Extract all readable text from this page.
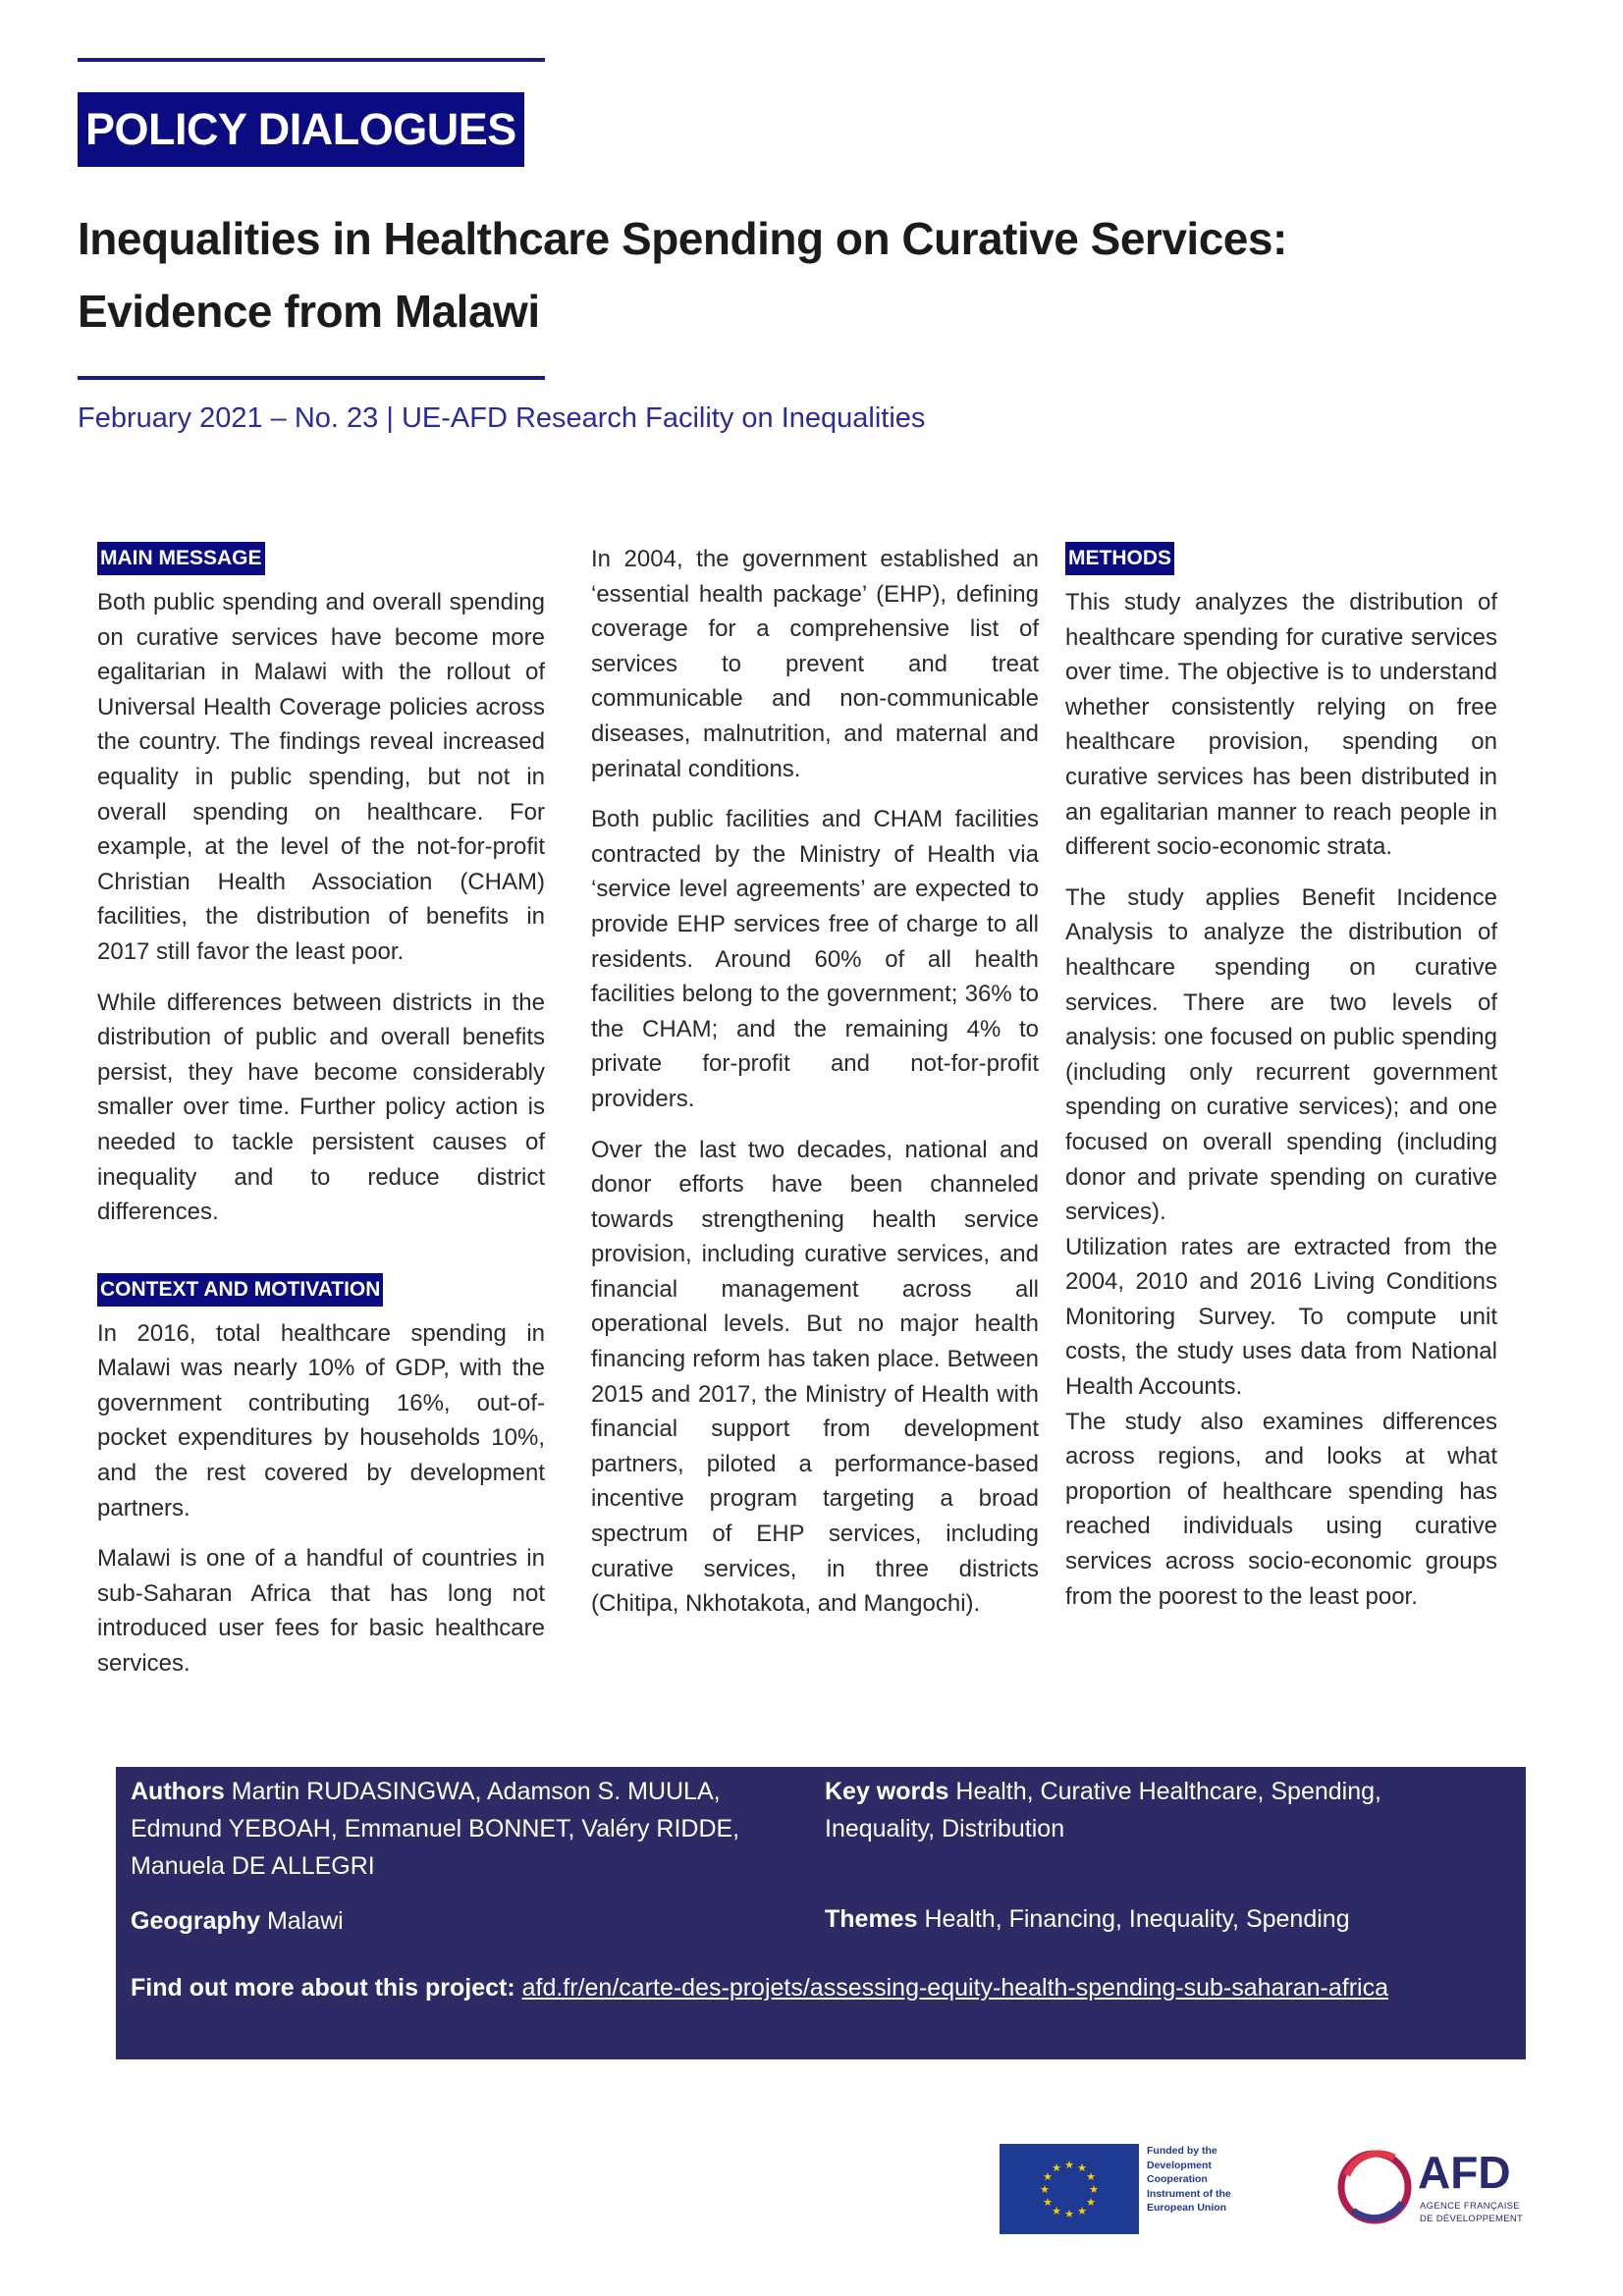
POLICY DIALOGUES
Inequalities in Healthcare Spending on Curative Services:
Evidence from Malawi
February 2021 – No. 23 | UE-AFD Research Facility on Inequalities
MAIN MESSAGE

Both public spending and overall spending on curative services have become more egalitarian in Malawi with the rollout of Universal Health Coverage policies across the country. The findings reveal increased equality in public spending, but not in overall spending on healthcare. For example, at the level of the not-for-profit Christian Health Association (CHAM) facilities, the distribution of benefits in 2017 still favor the least poor.

While differences between districts in the distribution of public and overall benefits persist, they have become considerably smaller over time. Further policy action is needed to tackle persistent causes of inequality and to reduce district differences.

CONTEXT AND MOTIVATION

In 2016, total healthcare spending in Malawi was nearly 10% of GDP, with the government contributing 16%, out-of-pocket expenditures by households 10%, and the rest covered by development partners.

Malawi is one of a handful of countries in sub-Saharan Africa that has long not introduced user fees for basic healthcare services.

In 2004, the government established an ‘essential health package’ (EHP), defining coverage for a comprehensive list of services to prevent and treat communicable and non-communicable diseases, malnutrition, and maternal and perinatal conditions.

Both public facilities and CHAM facilities contracted by the Ministry of Health via ‘service level agreements’ are expected to provide EHP services free of charge to all residents. Around 60% of all health facilities belong to the government; 36% to the CHAM; and the remaining 4% to private for-profit and not-for-profit providers.

Over the last two decades, national and donor efforts have been channeled towards strengthening health service provision, including curative services, and financial management across all operational levels. But no major health financing reform has taken place. Between 2015 and 2017, the Ministry of Health with financial support from development partners, piloted a performance-based incentive program targeting a broad spectrum of EHP services, including curative services, in three districts (Chitipa, Nkhotakota, and Mangochi).

METHODS

This study analyzes the distribution of healthcare spending for curative services over time. The objective is to understand whether consistently relying on free healthcare provision, spending on curative services has been distributed in an egalitarian manner to reach people in different socio-economic strata.

The study applies Benefit Incidence Analysis to analyze the distribution of healthcare spending on curative services. There are two levels of analysis: one focused on public spending (including only recurrent government spending on curative services); and one focused on overall spending (including donor and private spending on curative services).

Utilization rates are extracted from the 2004, 2010 and 2016 Living Conditions Monitoring Survey. To compute unit costs, the study uses data from National Health Accounts.

The study also examines differences across regions, and looks at what proportion of healthcare spending has reached individuals using curative services across socio-economic groups from the poorest to the least poor.

Authors Martin RUDASINGWA, Adamson S. MUULA, Edmund YEBOAH, Emmanuel BONNET, Valéry RIDDE, Manuela DE ALLEGRI
Key words Health, Curative Healthcare, Spending, Inequality, Distribution
Geography Malawi	Themes Health, Financing, Inequality, Spending
Find out more about this project: afd.fr/en/carte-des-projets/assessing-equity-health-spending-sub-saharan-africa
★ ★
★
★
★
★
★
★
★
★
★
★
Funded by the Development Cooperation Instrument of the European Union
AFD
AGENCE FRANÇAISE
DE DÉVELOPPEMENT
